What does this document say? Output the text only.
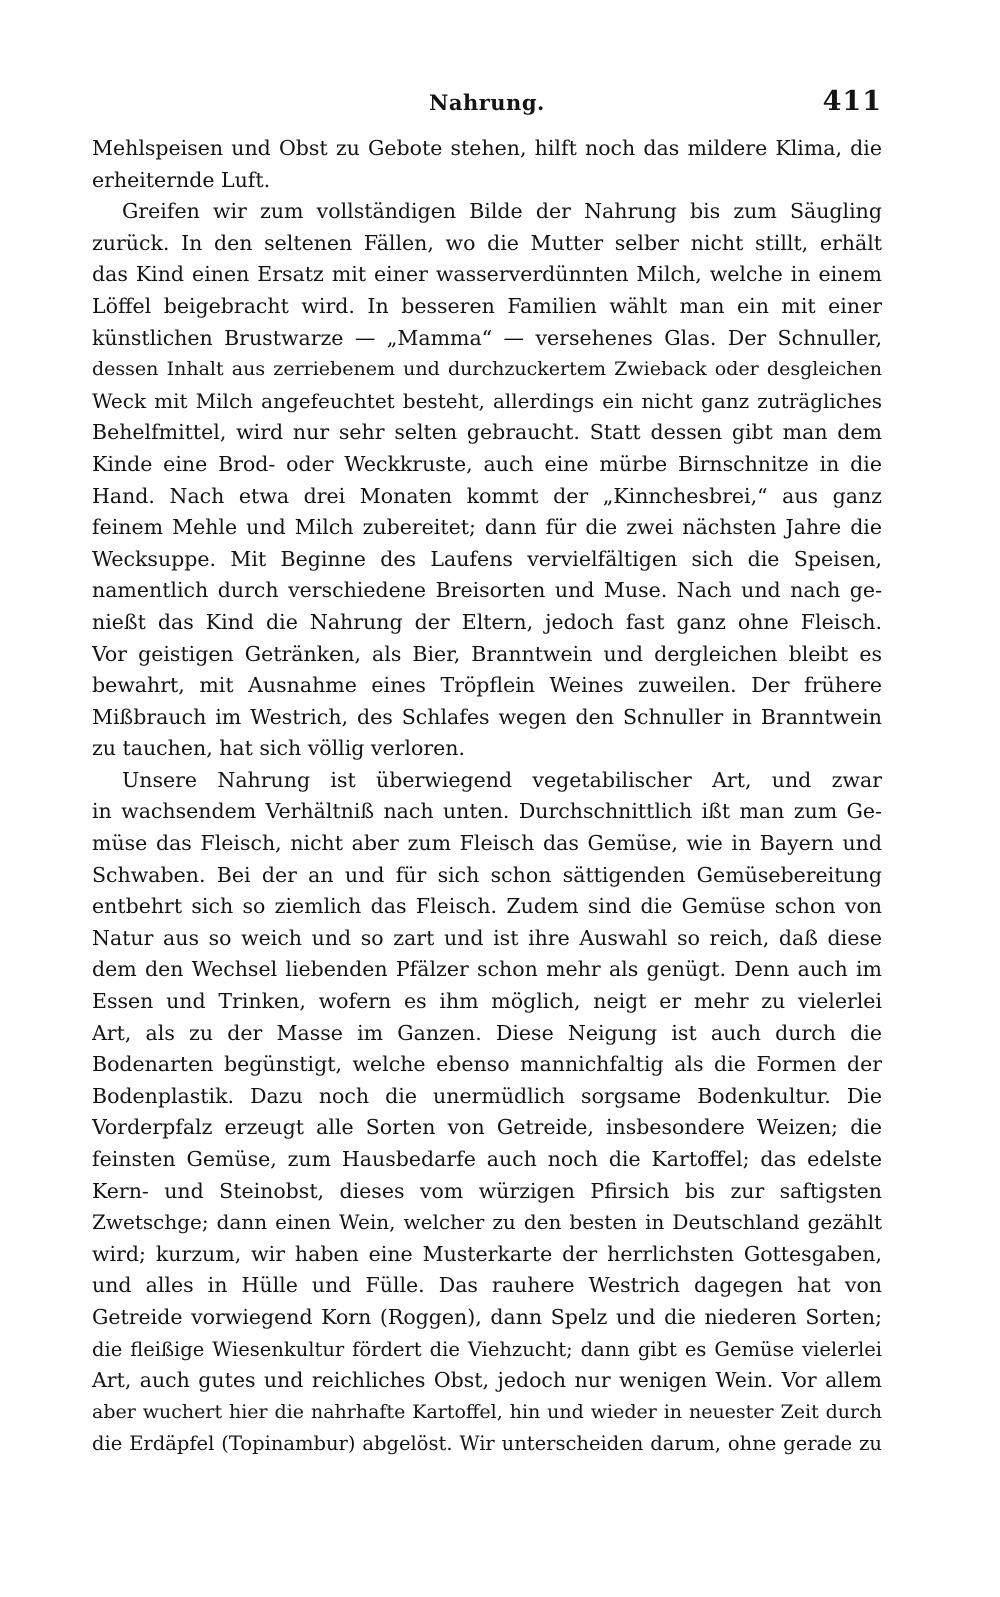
Nahrung.	411
Mehlspeisen und Obst zu Gebote stehen, hilft noch das mildere Klima, die
erheiternde Luft.
Greifen wir zum vollständigen Bilde der Nahrung bis zum Säugling
zurück. In den seltenen Fällen, wo die Mutter selber nicht stillt, erhält
das Kind einen Ersatz mit einer wasserverdünnten Milch, welche in einem
Löffel beigebracht wird. In besseren Familien wählt man ein mit einer
künstlichen Brustwarze — „Mamma“ — versehenes Glas. Der Schnuller,
dessen Inhalt aus zerriebenem und durchzuckertem Zwieback oder desgleichen
Weck mit Milch angefeuchtet besteht, allerdings ein nicht ganz zuträgliches
Behelfmittel, wird nur sehr selten gebraucht. Statt dessen gibt man dem
Kinde eine Brod- oder Weckkruste, auch eine mürbe Birnschnitze in die
Hand. Nach etwa drei Monaten kommt der „Kinnchesbrei,“ aus ganz
feinem Mehle und Milch zubereitet; dann für die zwei nächsten Jahre die
Wecksuppe. Mit Beginne des Laufens vervielfältigen sich die Speisen,
namentlich durch verschiedene Breisorten und Muse. Nach und nach ge-
nießt das Kind die Nahrung der Eltern, jedoch fast ganz ohne Fleisch.
Vor geistigen Getränken, als Bier, Branntwein und dergleichen bleibt es
bewahrt, mit Ausnahme eines Tröpflein Weines zuweilen. Der frühere
Mißbrauch im Westrich, des Schlafes wegen den Schnuller in Branntwein
zu tauchen, hat sich völlig verloren.
Unsere Nahrung ist überwiegend vegetabilischer Art, und zwar
in wachsendem Verhältniß nach unten. Durchschnittlich ißt man zum Ge-
müse das Fleisch, nicht aber zum Fleisch das Gemüse, wie in Bayern und
Schwaben. Bei der an und für sich schon sättigenden Gemüsebereitung
entbehrt sich so ziemlich das Fleisch. Zudem sind die Gemüse schon von
Natur aus so weich und so zart und ist ihre Auswahl so reich, daß diese
dem den Wechsel liebenden Pfälzer schon mehr als genügt. Denn auch im
Essen und Trinken, wofern es ihm möglich, neigt er mehr zu vielerlei
Art, als zu der Masse im Ganzen. Diese Neigung ist auch durch die
Bodenarten begünstigt, welche ebenso mannichfaltig als die Formen der
Bodenplastik. Dazu noch die unermüdlich sorgsame Bodenkultur. Die
Vorderpfalz erzeugt alle Sorten von Getreide, insbesondere Weizen; die
feinsten Gemüse, zum Hausbedarfe auch noch die Kartoffel; das edelste
Kern- und Steinobst, dieses vom würzigen Pfirsich bis zur saftigsten
Zwetschge; dann einen Wein, welcher zu den besten in Deutschland gezählt
wird; kurzum, wir haben eine Musterkarte der herrlichsten Gottesgaben,
und alles in Hülle und Fülle. Das rauhere Westrich dagegen hat von
Getreide vorwiegend Korn (Roggen), dann Spelz und die niederen Sorten;
die fleißige Wiesenkultur fördert die Viehzucht; dann gibt es Gemüse vielerlei
Art, auch gutes und reichliches Obst, jedoch nur wenigen Wein. Vor allem
aber wuchert hier die nahrhafte Kartoffel, hin und wieder in neuester Zeit durch
die Erdäpfel (Topinambur) abgelöst. Wir unterscheiden darum, ohne gerade zu
